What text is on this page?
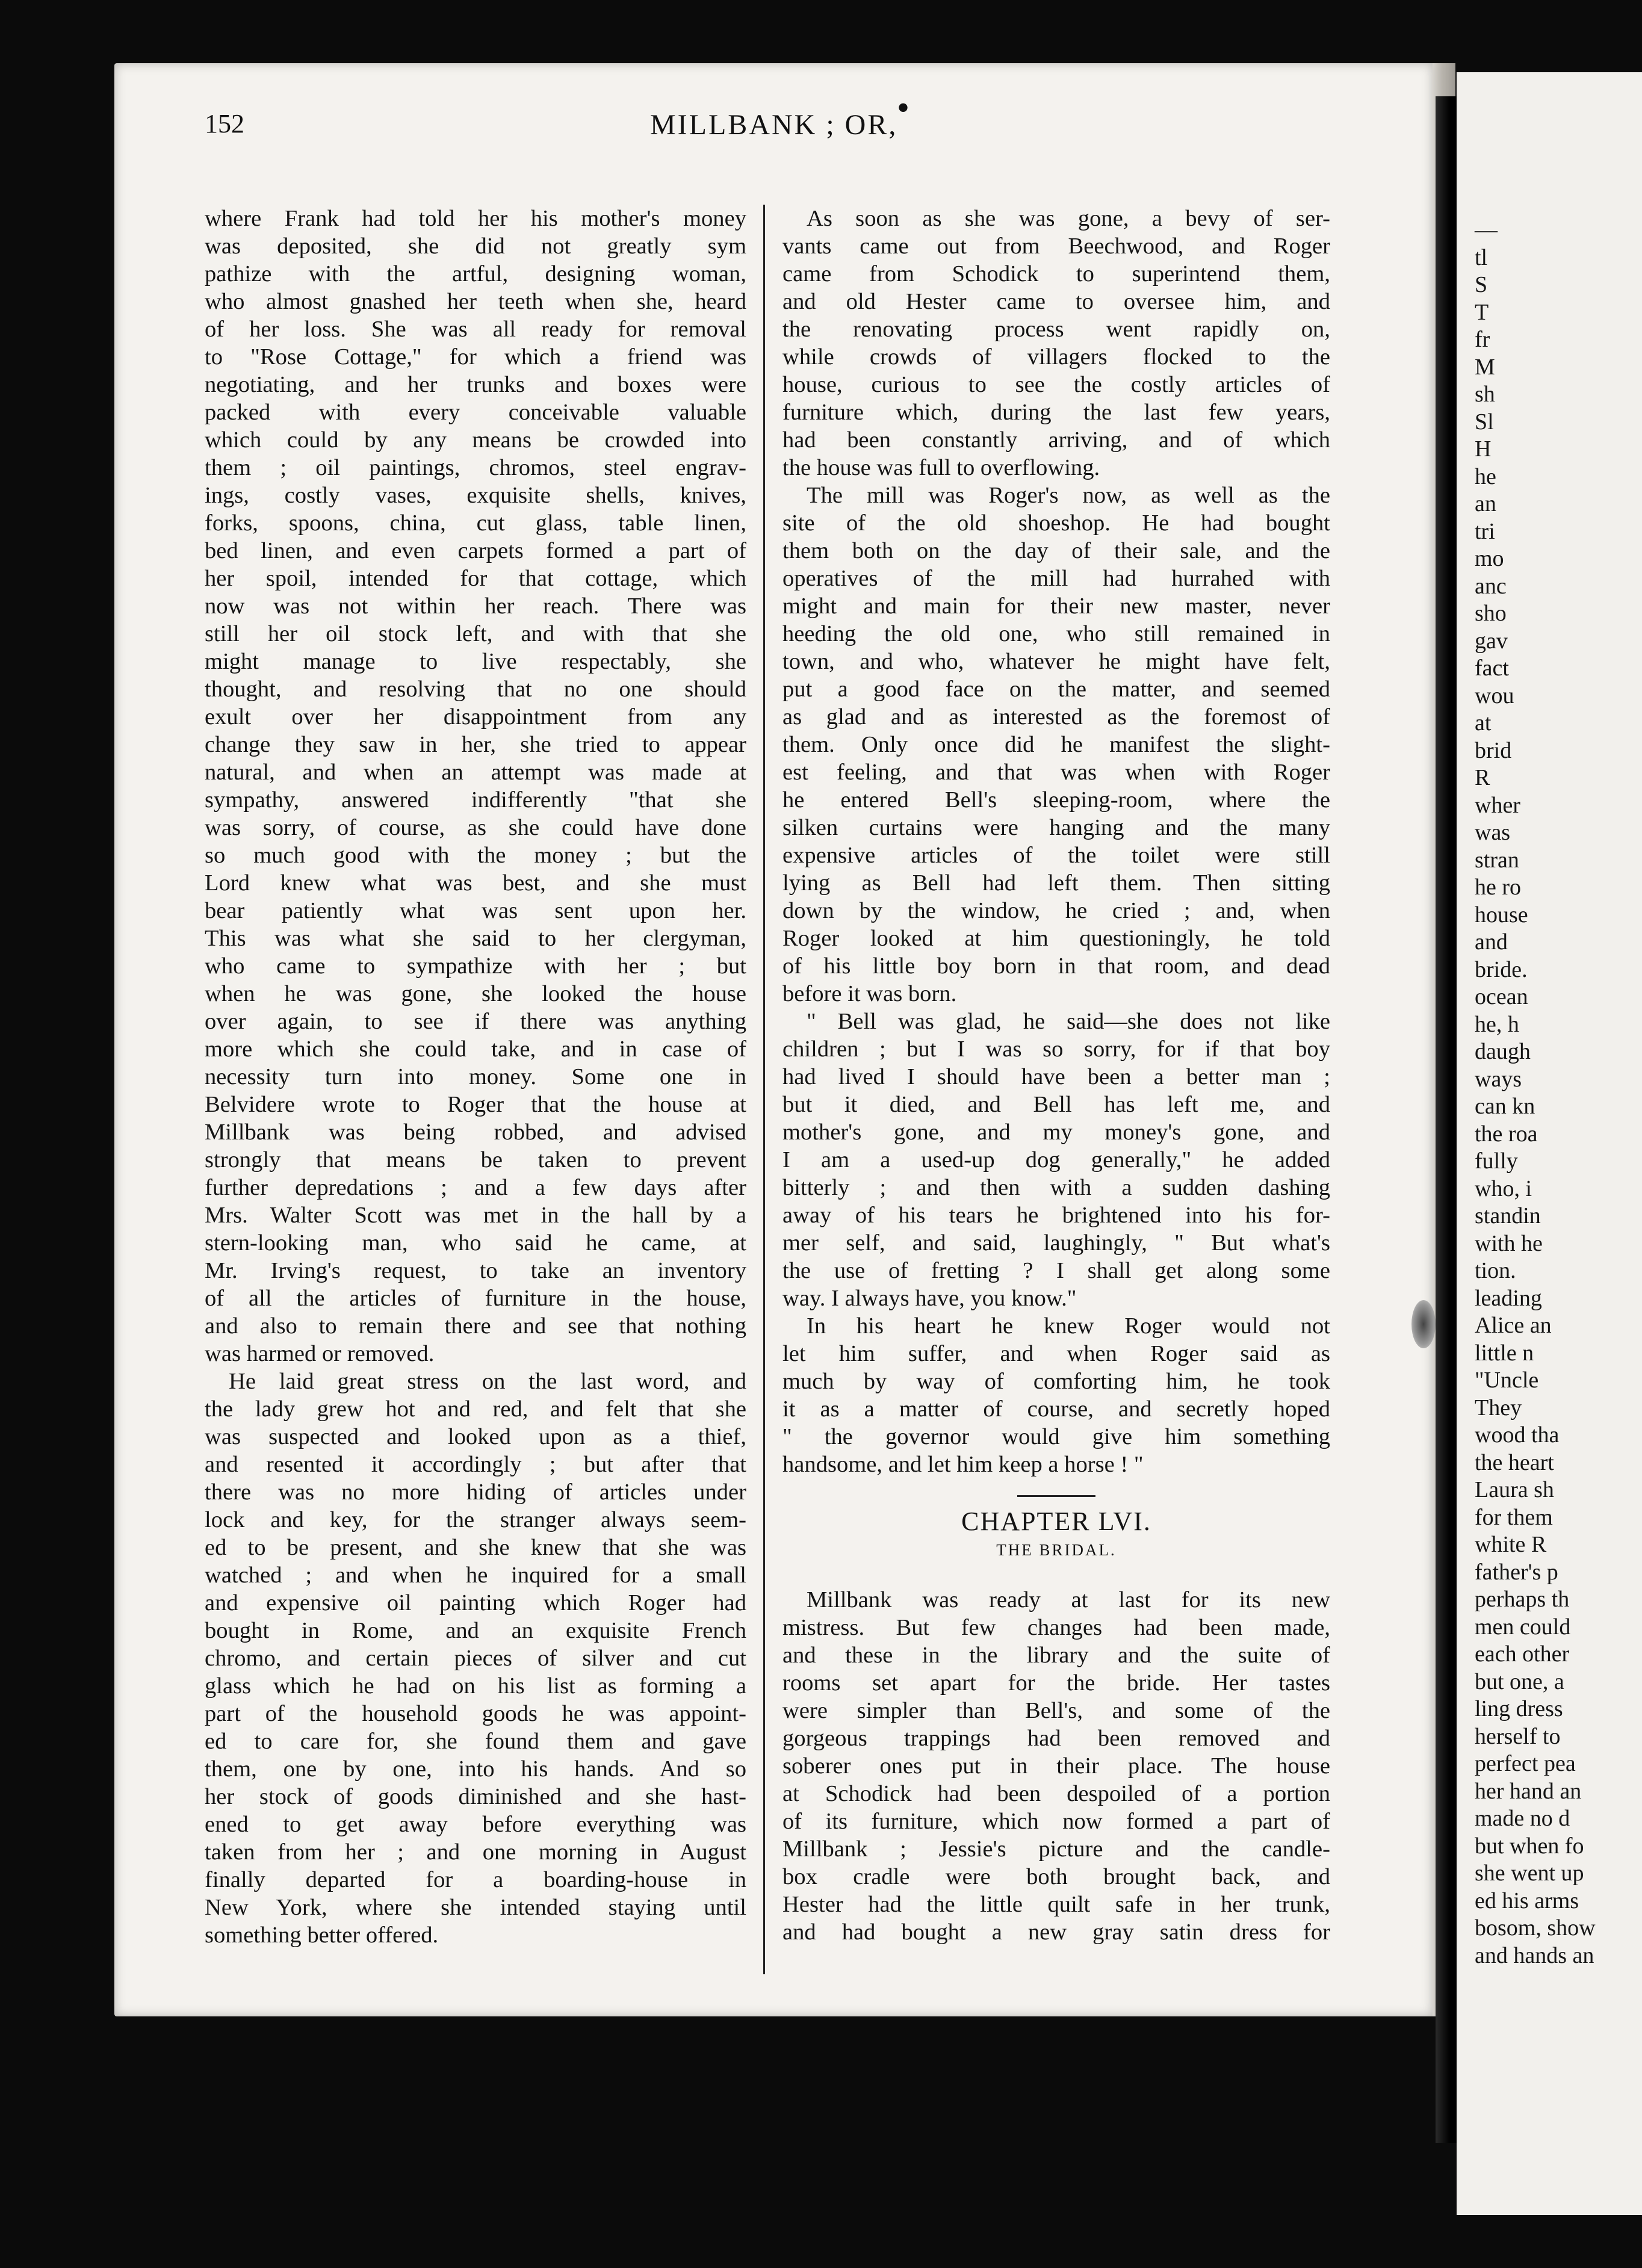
—
tl
S
T
fr
M
sh
Sl
H
he
an
tri
mo
anc
sho
gav
fact
wou
at
brid
R
wher
was
stran
he ro
house
and
bride.
ocean
he, h
daugh
ways
can kn
the roa
fully
who, i
standin
with he
tion.
leading
Alice an
little n
"Uncle
They
wood tha
the heart
Laura sh
for them
white R
father's p
perhaps th
men could
each other
but one, a
ling dress
herself to
perfect pea
her hand an
made no d
but when fo
she went up
ed his arms
bosom, show
and hands an
•
152	MILLBANK ; OR,
where Frank had told her his mother's money
was deposited, she did not greatly sym
pathize with the artful, designing woman,
who almost gnashed her teeth when she, heard
of her loss. She was all ready for removal
to "Rose Cottage," for which a friend was
negotiating, and her trunks and boxes were
packed with every conceivable valuable
which could by any means be crowded into
them ; oil paintings, chromos, steel engrav-
ings, costly vases, exquisite shells, knives,
forks, spoons, china, cut glass, table linen,
bed linen, and even carpets formed a part of
her spoil, intended for that cottage, which
now was not within her reach. There was
still her oil stock left, and with that she
might manage to live respectably, she
thought, and resolving that no one should
exult over her disappointment from any
change they saw in her, she tried to appear
natural, and when an attempt was made at
sympathy, answered indifferently "that she
was sorry, of course, as she could have done
so much good with the money ; but the
Lord knew what was best, and she must
bear patiently what was sent upon her.
This was what she said to her clergyman,
who came to sympathize with her ; but
when he was gone, she looked the house
over again, to see if there was anything
more which she could take, and in case of
necessity turn into money. Some one in
Belvidere wrote to Roger that the house at
Millbank was being robbed, and advised
strongly that means be taken to prevent
further depredations ; and a few days after
Mrs. Walter Scott was met in the hall by a
stern-looking man, who said he came, at
Mr. Irving's request, to take an inventory
of all the articles of furniture in the house,
and also to remain there and see that nothing
was harmed or removed.
He laid great stress on the last word, and
the lady grew hot and red, and felt that she
was suspected and looked upon as a thief,
and resented it accordingly ; but after that
there was no more hiding of articles under
lock and key, for the stranger always seem-
ed to be present, and she knew that she was
watched ; and when he inquired for a small
and expensive oil painting which Roger had
bought in Rome, and an exquisite French
chromo, and certain pieces of silver and cut
glass which he had on his list as forming a
part of the household goods he was appoint-
ed to care for, she found them and gave
them, one by one, into his hands. And so
her stock of goods diminished and she hast-
ened to get away before everything was
taken from her ; and one morning in August
finally departed for a boarding-house in
New York, where she intended staying until
something better offered.
As soon as she was gone, a bevy of ser-
vants came out from Beechwood, and Roger
came from Schodick to superintend them,
and old Hester came to oversee him, and
the renovating process went rapidly on,
while crowds of villagers flocked to the
house, curious to see the costly articles of
furniture which, during the last few years,
had been constantly arriving, and of which
the house was full to overflowing.
The mill was Roger's now, as well as the
site of the old shoeshop. He had bought
them both on the day of their sale, and the
operatives of the mill had hurrahed with
might and main for their new master, never
heeding the old one, who still remained in
town, and who, whatever he might have felt,
put a good face on the matter, and seemed
as glad and as interested as the foremost of
them. Only once did he manifest the slight-
est feeling, and that was when with Roger
he entered Bell's sleeping-room, where the
silken curtains were hanging and the many
expensive articles of the toilet were still
lying as Bell had left them. Then sitting
down by the window, he cried ; and, when
Roger looked at him questioningly, he told
of his little boy born in that room, and dead
before it was born.
" Bell was glad, he said—she does not like
children ; but I was so sorry, for if that boy
had lived I should have been a better man ;
but it died, and Bell has left me, and
mother's gone, and my money's gone, and
I am a used-up dog generally," he added
bitterly ; and then with a sudden dashing
away of his tears he brightened into his for-
mer self, and said, laughingly, " But what's
the use of fretting ? I shall get along some
way. I always have, you know."
In his heart he knew Roger would not
let him suffer, and when Roger said as
much by way of comforting him, he took
it as a matter of course, and secretly hoped
" the governor would give him something
handsome, and let him keep a horse ! "
CHAPTER LVI.
THE BRIDAL.
Millbank was ready at last for its new
mistress. But few changes had been made,
and these in the library and the suite of
rooms set apart for the bride. Her tastes
were simpler than Bell's, and some of the
gorgeous trappings had been removed and
soberer ones put in their place. The house
at Schodick had been despoiled of a portion
of its furniture, which now formed a part of
Millbank ; Jessie's picture and the candle-
box cradle were both brought back, and
Hester had the little quilt safe in her trunk,
and had bought a new gray satin dress for
